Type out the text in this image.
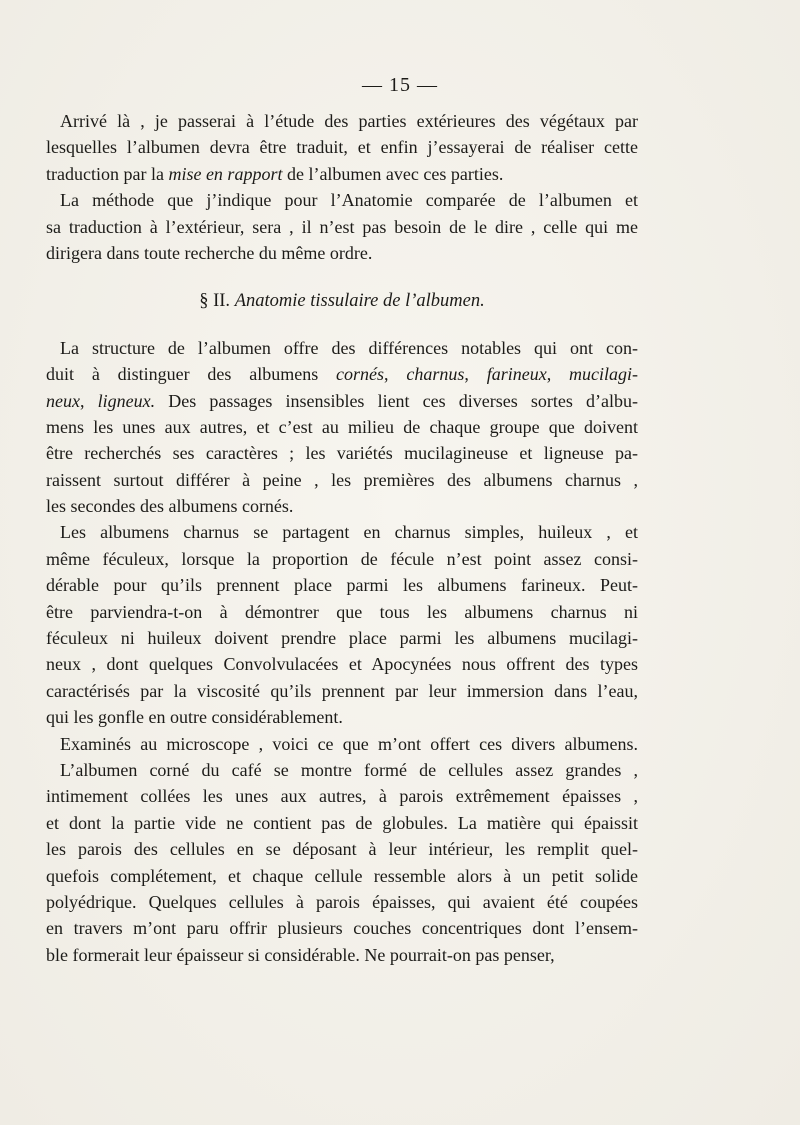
— 15 —
Arrivé là , je passerai à l’étude des parties extérieures des végétaux par
lesquelles l’albumen devra être traduit, et enfin j’essayerai de réaliser cette
traduction par la mise en rapport de l’albumen avec ces parties.
La méthode que j’indique pour l’Anatomie comparée de l’albumen et
sa traduction à l’extérieur, sera , il n’est pas besoin de le dire , celle qui me
dirigera dans toute recherche du même ordre.
§ II. Anatomie tissulaire de l’albumen.
La structure de l’albumen offre des différences notables qui ont con-
duit à distinguer des albumens cornés, charnus, farineux, mucilagi-
neux, ligneux. Des passages insensibles lient ces diverses sortes d’albu-
mens les unes aux autres, et c’est au milieu de chaque groupe que doivent
être recherchés ses caractères ; les variétés mucilagineuse et ligneuse pa-
raissent surtout différer à peine , les premières des albumens charnus ,
les secondes des albumens cornés.
Les albumens charnus se partagent en charnus simples, huileux , et
même féculeux, lorsque la proportion de fécule n’est point assez consi-
dérable pour qu’ils prennent place parmi les albumens farineux. Peut-
être parviendra-t-on à démontrer que tous les albumens charnus ni
féculeux ni huileux doivent prendre place parmi les albumens mucilagi-
neux , dont quelques Convolvulacées et Apocynées nous offrent des types
caractérisés par la viscosité qu’ils prennent par leur immersion dans l’eau,
qui les gonfle en outre considérablement.
Examinés au microscope , voici ce que m’ont offert ces divers albumens.
L’albumen corné du café se montre formé de cellules assez grandes ,
intimement collées les unes aux autres, à parois extrêmement épaisses ,
et dont la partie vide ne contient pas de globules. La matière qui épaissit
les parois des cellules en se déposant à leur intérieur, les remplit quel-
quefois complétement, et chaque cellule ressemble alors à un petit solide
polyédrique. Quelques cellules à parois épaisses, qui avaient été coupées
en travers m’ont paru offrir plusieurs couches concentriques dont l’ensem-
ble formerait leur épaisseur si considérable. Ne pourrait-on pas penser,
